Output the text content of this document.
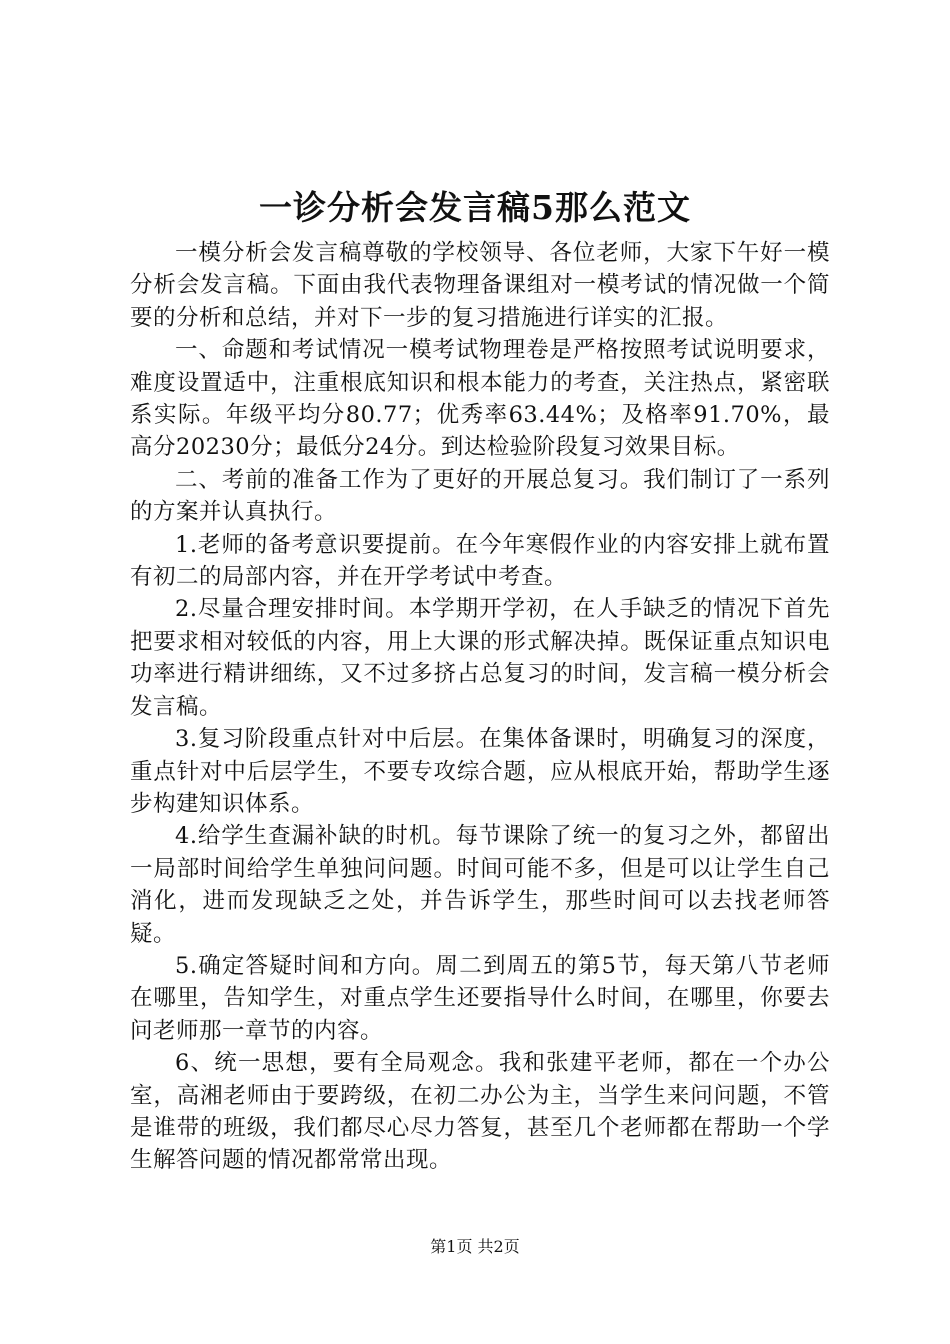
一诊分析会发言稿5那么范文

一模分析会发言稿尊敬的学校领导、各位老师，大家下午好一模分析会发言稿。下面由我代表物理备课组对一模考试的情况做一个简要的分析和总结，并对下一步的复习措施进行详实的汇报。

一、命题和考试情况一模考试物理卷是严格按照考试说明要求，难度设置适中，注重根底知识和根本能力的考查，关注热点，紧密联系实际。年级平均分80.77；优秀率63.44%；及格率91.70%，最高分20230分；最低分24分。到达检验阶段复习效果目标。

二、考前的准备工作为了更好的开展总复习。我们制订了一系列的方案并认真执行。

1.老师的备考意识要提前。在今年寒假作业的内容安排上就布置有初二的局部内容，并在开学考试中考查。

2.尽量合理安排时间。本学期开学初，在人手缺乏的情况下首先把要求相对较低的内容，用上大课的形式解决掉。既保证重点知识电功率进行精讲细练，又不过多挤占总复习的时间，发言稿一模分析会发言稿。

3.复习阶段重点针对中后层。在集体备课时，明确复习的深度，重点针对中后层学生，不要专攻综合题，应从根底开始，帮助学生逐步构建知识体系。

4.给学生查漏补缺的时机。每节课除了统一的复习之外，都留出一局部时间给学生单独问问题。时间可能不多，但是可以让学生自己消化，进而发现缺乏之处，并告诉学生，那些时间可以去找老师答疑。

5.确定答疑时间和方向。周二到周五的第5节，每天第八节老师在哪里，告知学生，对重点学生还要指导什么时间，在哪里，你要去问老师那一章节的内容。

6、统一思想，要有全局观念。我和张建平老师，都在一个办公室，高湘老师由于要跨级，在初二办公为主，当学生来问问题，不管是谁带的班级，我们都尽心尽力答复，甚至几个老师都在帮助一个学生解答问题的情况都常常出现。

第1页 共2页
